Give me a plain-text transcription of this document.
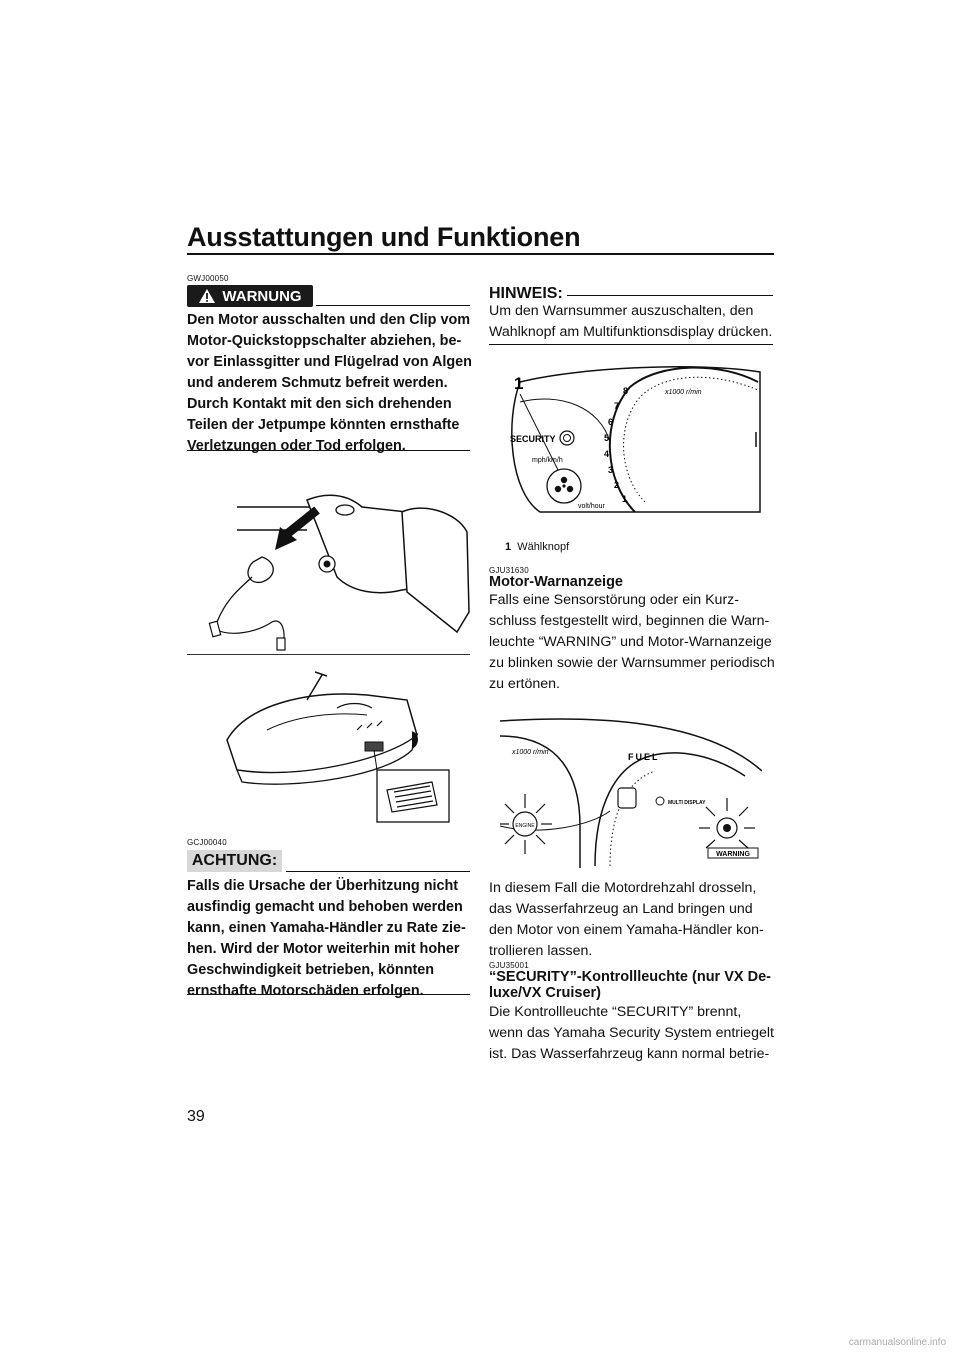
Ausstattungen und Funktionen
GWJ00050
WARNUNG
Den Motor ausschalten und den Clip vom Motor-Quickstoppschalter abziehen, be-vor Einlassgitter und Flügelrad von Algen und anderem Schmutz befreit werden. Durch Kontakt mit den sich drehenden Teilen der Jetpumpe könnten ernsthafte Verletzungen oder Tod erfolgen.
GCJ00040
ACHTUNG:
Falls die Ursache der Überhitzung nicht ausfindig gemacht und behoben werden kann, einen Yamaha-Händler zu Rate zie-hen. Wird der Motor weiterhin mit hoher Geschwindigkeit betrieben, könnten ernsthafte Motorschäden erfolgen.
HINWEIS:
Um den Warnsummer auszuschalten, den Wahlknopf am Multifunktionsdisplay drücken.
1
SECURITY
mph/km/h
volt/hour
x1000 r/min
8
7
6
5
4
3
2
1
1 Wählknopf
GJU31630
Motor-Warnanzeige
Falls eine Sensorstörung oder ein Kurz-schluss festgestellt wird, beginnen die Warn-leuchte “WARNING” und Motor-Warnanzeige zu blinken sowie der Warnsummer periodisch zu ertönen.
x1000 r/min	FUEL
MULTI DISPLAY
ENGINE
WARNING
In diesem Fall die Motordrehzahl drosseln, das Wasserfahrzeug an Land bringen und den Motor von einem Yamaha-Händler kon-trollieren lassen.
GJU35001
“SECURITY”-Kontrollleuchte (nur VX De-luxe/VX Cruiser)
Die Kontrollleuchte “SECURITY” brennt, wenn das Yamaha Security System entriegelt ist. Das Wasserfahrzeug kann normal betrie-
39
carmanualsonline.info
